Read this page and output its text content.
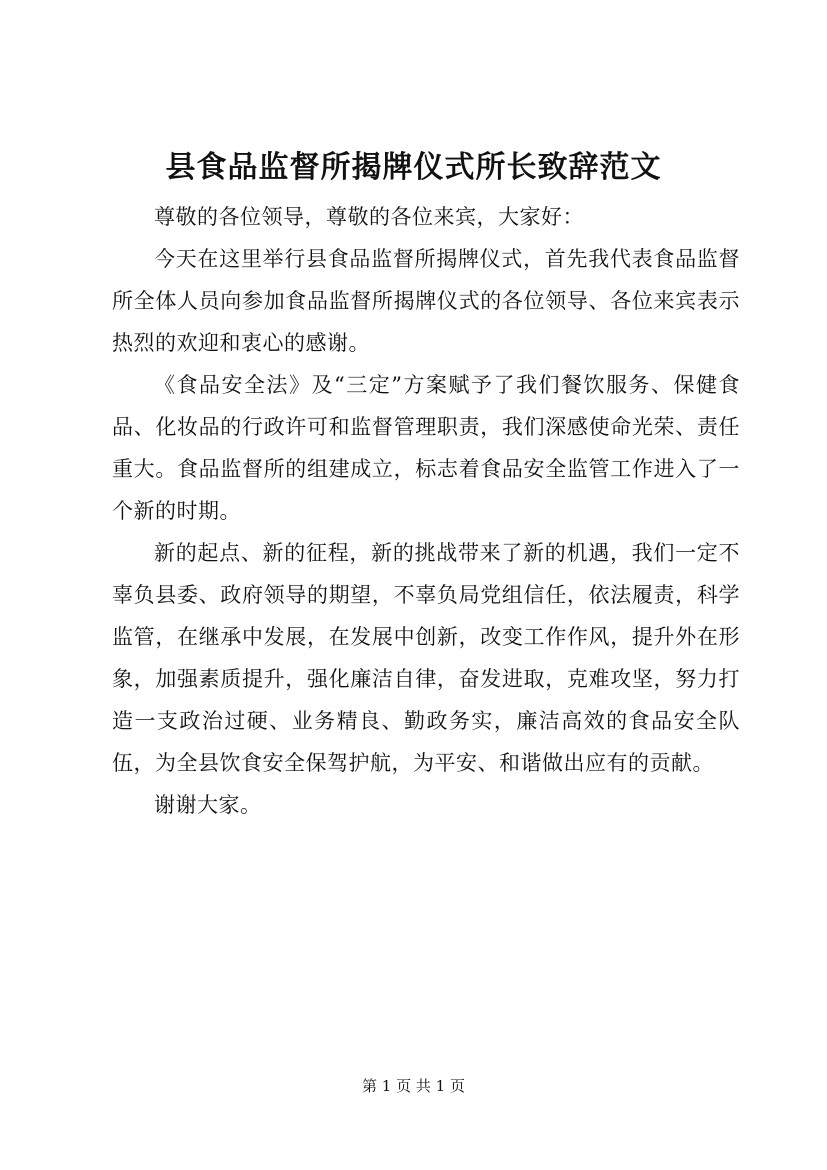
县食品监督所揭牌仪式所长致辞范文

尊敬的各位领导，尊敬的各位来宾，大家好：

今天在这里举行县食品监督所揭牌仪式，首先我代表食品监督所全体人员向参加食品监督所揭牌仪式的各位领导、各位来宾表示热烈的欢迎和衷心的感谢。

《食品安全法》及“三定”方案赋予了我们餐饮服务、保健食品、化妆品的行政许可和监督管理职责，我们深感使命光荣、责任重大。食品监督所的组建成立，标志着食品安全监管工作进入了一个新的时期。

新的起点、新的征程，新的挑战带来了新的机遇，我们一定不辜负县委、政府领导的期望，不辜负局党组信任，依法履责，科学监管，在继承中发展，在发展中创新，改变工作作风，提升外在形象，加强素质提升，强化廉洁自律，奋发进取，克难攻坚，努力打造一支政治过硬、业务精良、勤政务实，廉洁高效的食品安全队伍，为全县饮食安全保驾护航，为平安、和谐做出应有的贡献。

谢谢大家。

第 1 页 共 1 页
